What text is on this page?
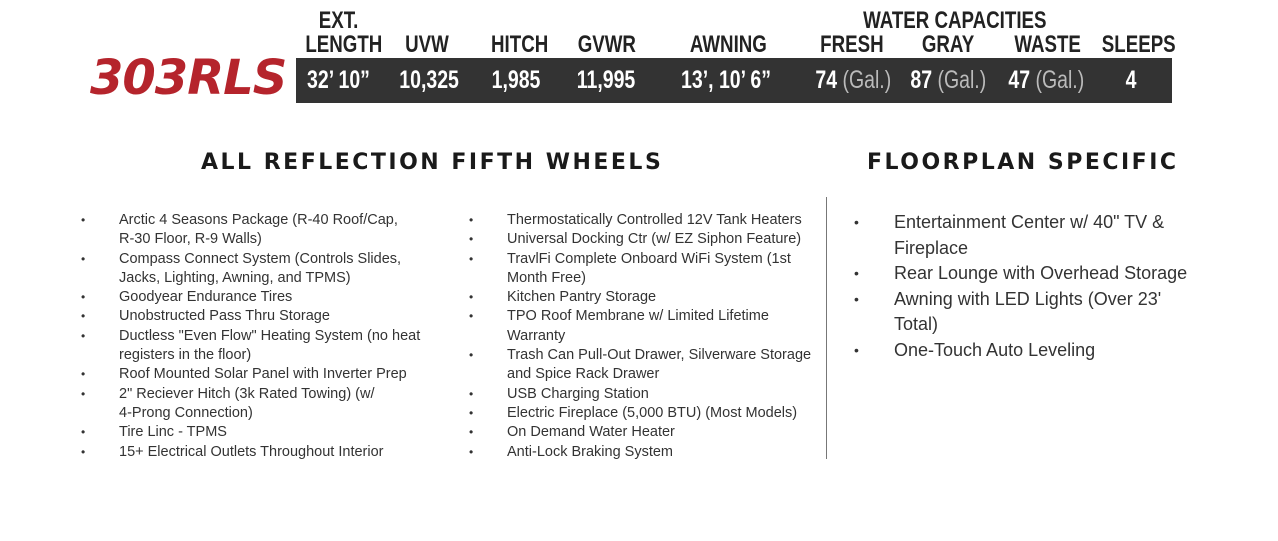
303RLS
EXT.
LENGTH UVW HITCH GVWR AWNING
WATER CAPACITIES
FRESH GRAY WASTE SLEEPS
32’ 10” 10,325 1,985 11,995 13’, 10’ 6” 74 (Gal.) 87 (Gal.) 47 (Gal.)	4
ALL REFLECTION FIFTH WHEELS	FLOORPLAN SPECIFIC
• Arctic 4 Seasons Package (R-40 Roof/Cap,
R-30 Floor, R-9 Walls)
• Compass Connect System (Controls Slides,
Jacks, Lighting, Awning, and TPMS)
• Goodyear Endurance Tires
• Unobstructed Pass Thru Storage
• Ductless "Even Flow" Heating System (no heat
registers in the floor)
• Roof Mounted Solar Panel with Inverter Prep
• 2" Reciever Hitch (3k Rated Towing) (w/
4-Prong Connection)
• Tire Linc - TPMS
• 15+ Electrical Outlets Throughout Interior
• Thermostatically Controlled 12V Tank Heaters
• Universal Docking Ctr (w/ EZ Siphon Feature)
• TravlFi Complete Onboard WiFi System (1st
Month Free)
• Kitchen Pantry Storage
• TPO Roof Membrane w/ Limited Lifetime
Warranty
• Trash Can Pull-Out Drawer, Silverware Storage
and Spice Rack Drawer
• USB Charging Station
• Electric Fireplace (5,000 BTU) (Most Models)
• On Demand Water Heater
• Anti-Lock Braking System
• Entertainment Center w/ 40" TV &
Fireplace
• Rear Lounge with Overhead Storage
• Awning with LED Lights (Over 23'
Total)
• One-Touch Auto Leveling
